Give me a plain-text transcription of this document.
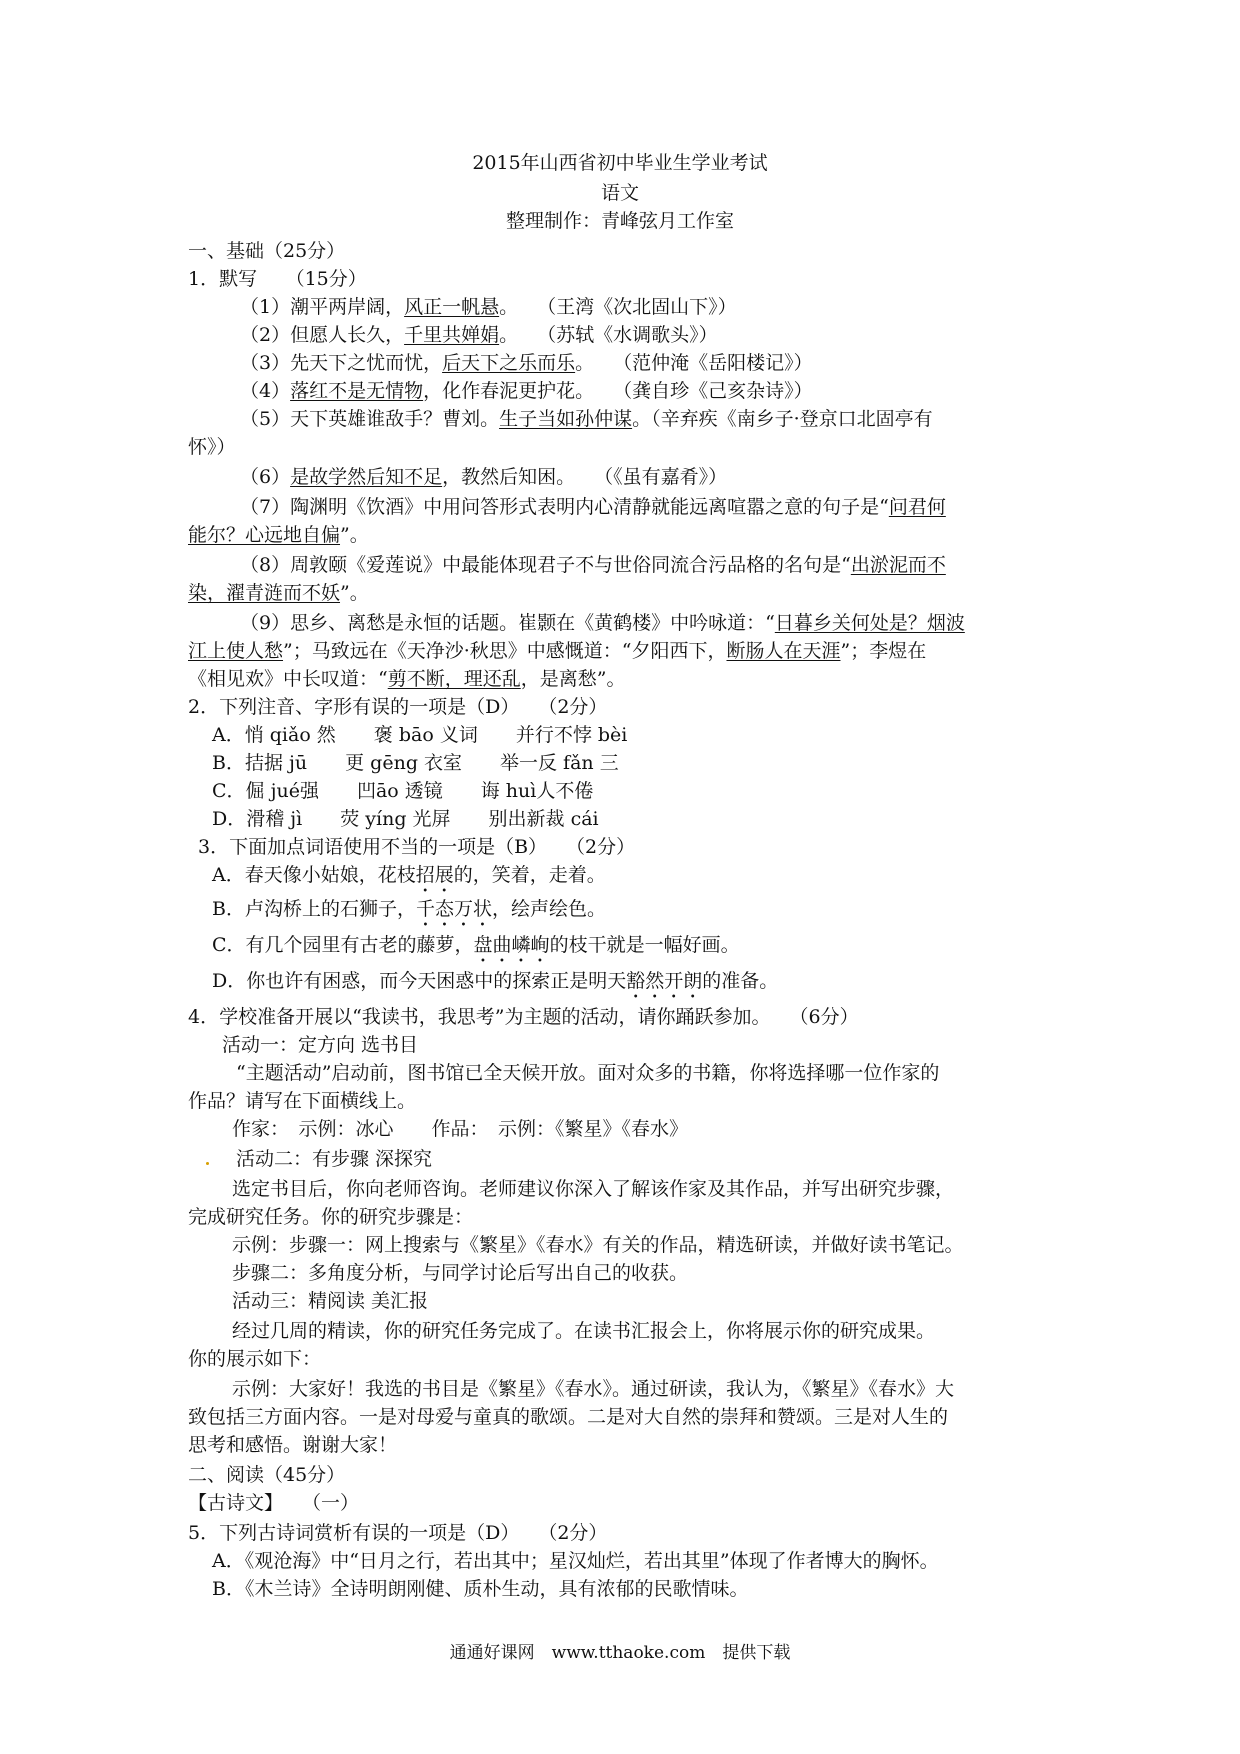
2015年山西省初中毕业生学业考试
语文
整理制作：青峰弦月工作室
一、基础（25分）
1．默写　　（15分）
（1）潮平两岸阔，风正一帆悬。　　（王湾《次北固山下》）
（2）但愿人长久，千里共婵娟。　　（苏轼《水调歌头》）
（3）先天下之忧而忧，后天下之乐而乐。　　（范仲淹《岳阳楼记》）
（4）落红不是无情物，化作春泥更护花。　　（龚自珍《己亥杂诗》）
（5）天下英雄谁敌手？曹刘。生子当如孙仲谋。（辛弃疾《南乡子·登京口北固亭有
怀》）
（6）是故学然后知不足，教然后知困。　　（《虽有嘉肴》）
（7）陶渊明《饮酒》中用问答形式表明内心清静就能远离喧嚣之意的句子是“问君何
能尔？心远地自偏”。
（8）周敦颐《爱莲说》中最能体现君子不与世俗同流合污品格的名句是“出淤泥而不
染，濯青涟而不妖”。
（9）思乡、离愁是永恒的话题。崔颢在《黄鹤楼》中吟咏道：“日暮乡关何处是？烟波
江上使人愁”；马致远在《天净沙·秋思》中感慨道：“夕阳西下，断肠人在天涯”；李煜在
《相见欢》中长叹道：“剪不断，理还乱，是离愁”。
2．下列注音、字形有误的一项是（D）　　（2分）
A．悄 qiǎo 然　　褒 bāo 义词　　并行不悖 bèi
B．拮据 jū　　更 gēng 衣室　　举一反 fǎn 三
C．倔 jué强　　凹āo 透镜　　诲 huì人不倦
D．滑稽 jì　　荧 yíng 光屏　　别出新裁 cái
3．下面加点词语使用不当的一项是（B）　　（2分）
A．春天像小姑娘，花枝招展的，笑着，走着。
B．卢沟桥上的石狮子，千态万状，绘声绘色。
C．有几个园里有古老的藤萝，盘曲嶙峋的枝干就是一幅好画。
D．你也许有困惑，而今天困惑中的探索正是明天豁然开朗的准备。
4．学校准备开展以“我读书，我思考”为主题的活动，请你踊跃参加。　　（6分）
活动一：定方向 选书目
“主题活动”启动前，图书馆已全天候开放。面对众多的书籍，你将选择哪一位作家的
作品？请写在下面横线上。
作家：　示例：冰心　　作品：　示例：《繁星》《春水》
活动二：有步骤 深探究
选定书目后，你向老师咨询。老师建议你深入了解该作家及其作品，并写出研究步骤，
完成研究任务。你的研究步骤是：
示例：步骤一：网上搜索与《繁星》《春水》有关的作品，精选研读，并做好读书笔记。
步骤二：多角度分析，与同学讨论后写出自己的收获。
活动三：精阅读 美汇报
经过几周的精读，你的研究任务完成了。在读书汇报会上，你将展示你的研究成果。
你的展示如下：
示例：大家好！我选的书目是《繁星》《春水》。通过研读，我认为，《繁星》《春水》大
致包括三方面内容。一是对母爱与童真的歌颂。二是对大自然的崇拜和赞颂。三是对人生的
思考和感悟。谢谢大家！
二、阅读（45分）
【古诗文】　　（一）
5．下列古诗词赏析有误的一项是（D）　　（2分）
A．《观沧海》中“日月之行，若出其中；星汉灿烂，若出其里”体现了作者博大的胸怀。
B．《木兰诗》全诗明朗刚健、质朴生动，具有浓郁的民歌情味。
通通好课网　www.tthaoke.com　提供下载
